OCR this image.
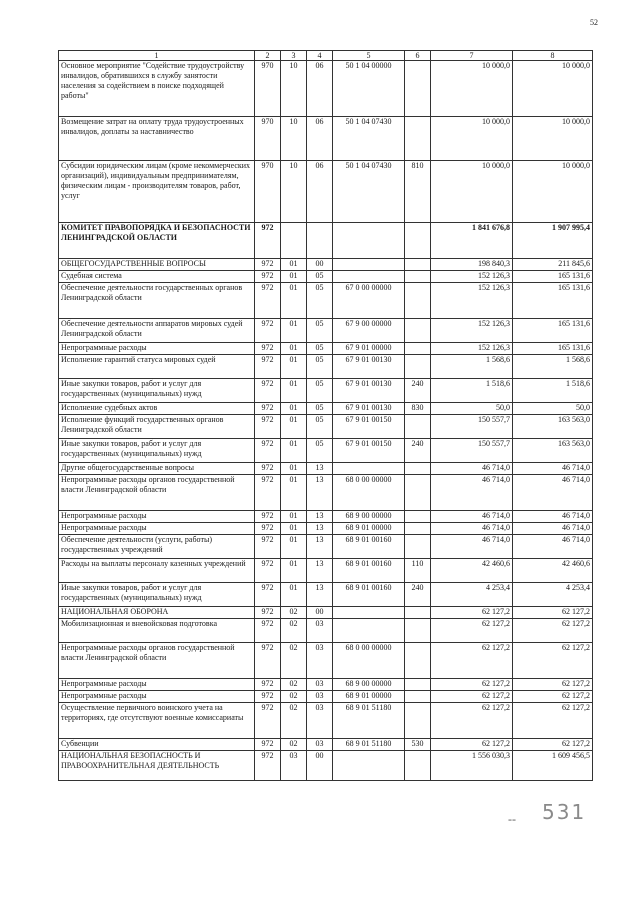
52
1	2	3	4	5	6	7	8
Основное мероприятие "Содействие трудоустройству инвалидов, обратившихся в службу занятости населения за содействием в поиске подходящей работы"	970	10	06	50 1 04 00000		10 000,0	10 000,0
Возмещение затрат на оплату труда трудоустроенных инвалидов, доплаты за наставничество	970	10	06	50 1 04 07430		10 000,0	10 000,0
Субсидии юридическим лицам (кроме некоммерческих организаций), индивидуальным предпринимателям, физическим лицам - производителям товаров, работ, услуг	970	10	06	50 1 04 07430	810	10 000,0	10 000,0
КОМИТЕТ ПРАВОПОРЯДКА И БЕЗОПАСНОСТИ ЛЕНИНГРАДСКОЙ ОБЛАСТИ	972					1 841 676,8	1 907 995,4
ОБЩЕГОСУДАРСТВЕННЫЕ ВОПРОСЫ	972	01	00			198 840,3	211 845,6
Судебная система	972	01	05			152 126,3	165 131,6
Обеспечение деятельности государственных органов Ленинградской области	972	01	05	67 0 00 00000		152 126,3	165 131,6
Обеспечение деятельности аппаратов мировых судей Ленинградской области	972	01	05	67 9 00 00000		152 126,3	165 131,6
Непрограммные расходы	972	01	05	67 9 01 00000		152 126,3	165 131,6
Исполнение гарантий статуса мировых судей	972	01	05	67 9 01 00130		1 568,6	1 568,6
Иные закупки товаров, работ и услуг для государственных (муниципальных) нужд	972	01	05	67 9 01 00130	240	1 518,6	1 518,6
Исполнение судебных актов	972	01	05	67 9 01 00130	830	50,0	50,0
Исполнение функций государственных органов Ленинградской области	972	01	05	67 9 01 00150		150 557,7	163 563,0
Иные закупки товаров, работ и услуг для государственных (муниципальных) нужд	972	01	05	67 9 01 00150	240	150 557,7	163 563,0
Другие общегосударственные вопросы	972	01	13			46 714,0	46 714,0
Непрограммные расходы органов государственной власти Ленинградской области	972	01	13	68 0 00 00000		46 714,0	46 714,0
Непрограммные расходы	972	01	13	68 9 00 00000		46 714,0	46 714,0
Непрограммные расходы	972	01	13	68 9 01 00000		46 714,0	46 714,0
Обеспечение деятельности (услуги, работы) государственных учреждений	972	01	13	68 9 01 00160		46 714,0	46 714,0
Расходы на выплаты персоналу казенных учреждений	972	01	13	68 9 01 00160	110	42 460,6	42 460,6
Иные закупки товаров, работ и услуг для государственных (муниципальных) нужд	972	01	13	68 9 01 00160	240	4 253,4	4 253,4
НАЦИОНАЛЬНАЯ ОБОРОНА	972	02	00			62 127,2	62 127,2
Мобилизационная и вневойсковая подготовка	972	02	03			62 127,2	62 127,2
Непрограммные расходы органов государственной власти Ленинградской области	972	02	03	68 0 00 00000		62 127,2	62 127,2
Непрограммные расходы	972	02	03	68 9 00 00000		62 127,2	62 127,2
Непрограммные расходы	972	02	03	68 9 01 00000		62 127,2	62 127,2
Осуществление первичного воинского учета на территориях, где отсутствуют военные комиссариаты	972	02	03	68 9 01 51180		62 127,2	62 127,2
Субвенции	972	02	03	68 9 01 51180	530	62 127,2	62 127,2
НАЦИОНАЛЬНАЯ БЕЗОПАСНОСТЬ И ПРАВООХРАНИТЕЛЬНАЯ ДЕЯТЕЛЬНОСТЬ	972	03	00			1 556 030,3	1 609 456,5
-- 531
